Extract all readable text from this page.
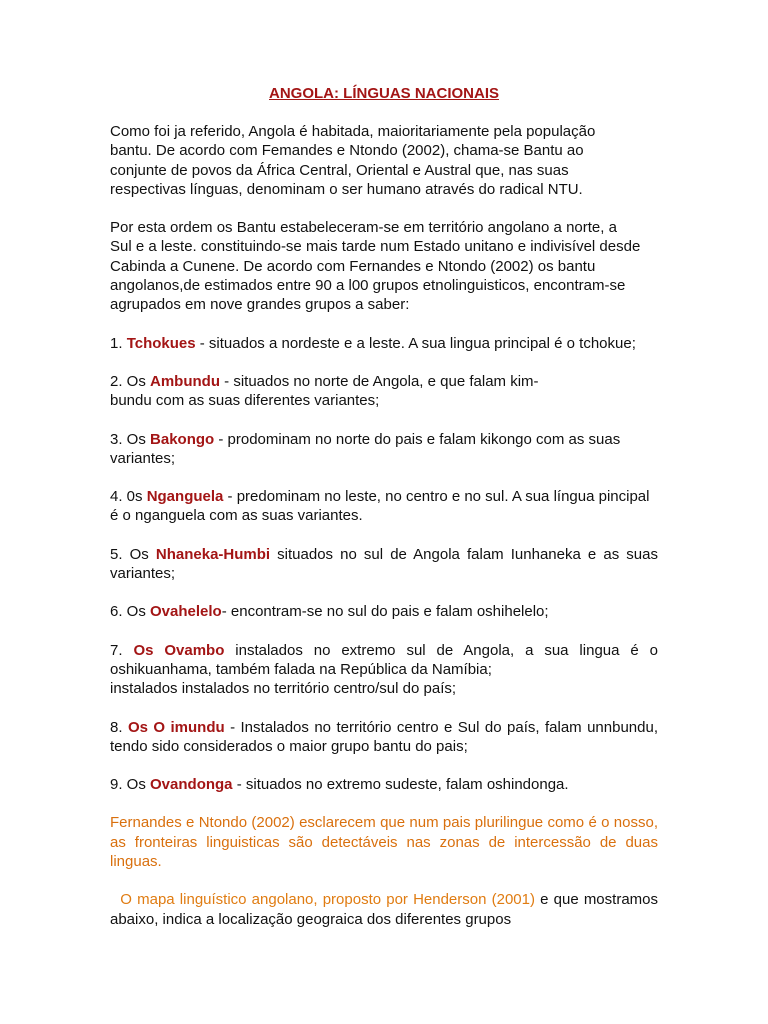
ANGOLA: LÍNGUAS NACIONAIS

Como foi ja referido, Angola é habitada, maioritariamente pela população
bantu. De acordo com Femandes e Ntondo (2002), chama-se Bantu ao
conjunte de povos da África Central, Oriental e Austral que, nas suas
respectivas línguas, denominam o ser humano através do radical NTU.

Por esta ordem os Bantu estabeleceram-se em território angolano a norte, a
Sul e a leste. constituindo-se mais tarde num Estado unitano e indivisível desde
Cabinda a Cunene. De acordo com Fernandes e Ntondo (2002) os bantu
angolanos,de estimados entre 90 a l00 grupos etnolinguisticos, encontram-se
agrupados em nove grandes grupos a saber:

1. Tchokues - situados a nordeste e a leste. A sua lingua principal é o tchokue;

2. Os Ambundu - situados no norte de Angola, e que falam kim-
bundu com as suas diferentes variantes;

3. Os Bakongo - prodominam no norte do pais e falam kikongo com as suas variantes;

4. 0s Nganguela - predominam no leste, no centro e no sul. A sua língua pincipal é o nganguela com as suas variantes.

5. Os Nhaneka-Humbi situados no sul de Angola falam Iunhaneka e as suas variantes;

6. Os Ovahelelo- encontram-se no sul do pais e falam oshihelelo;

7. Os Ovambo instalados no extremo sul de Angola, a sua lingua é o oshikuanhama, também falada na República da Namíbia;
instalados instalados no território centro/sul do país;

8. Os O imundu - Instalados no território centro e Sul do país, falam unnbundu, tendo sido considerados o maior grupo bantu do pais;

9. Os Ovandonga - situados no extremo sudeste, falam oshindonga.

Fernandes e Ntondo (2002) esclarecem que num pais plurilingue como é o nosso, as fronteiras linguisticas são detectáveis nas zonas de intercessão de duas linguas.

O mapa linguístico angolano, proposto por Henderson (2001) e que mostramos abaixo, indica a localização geograica dos diferentes grupos
